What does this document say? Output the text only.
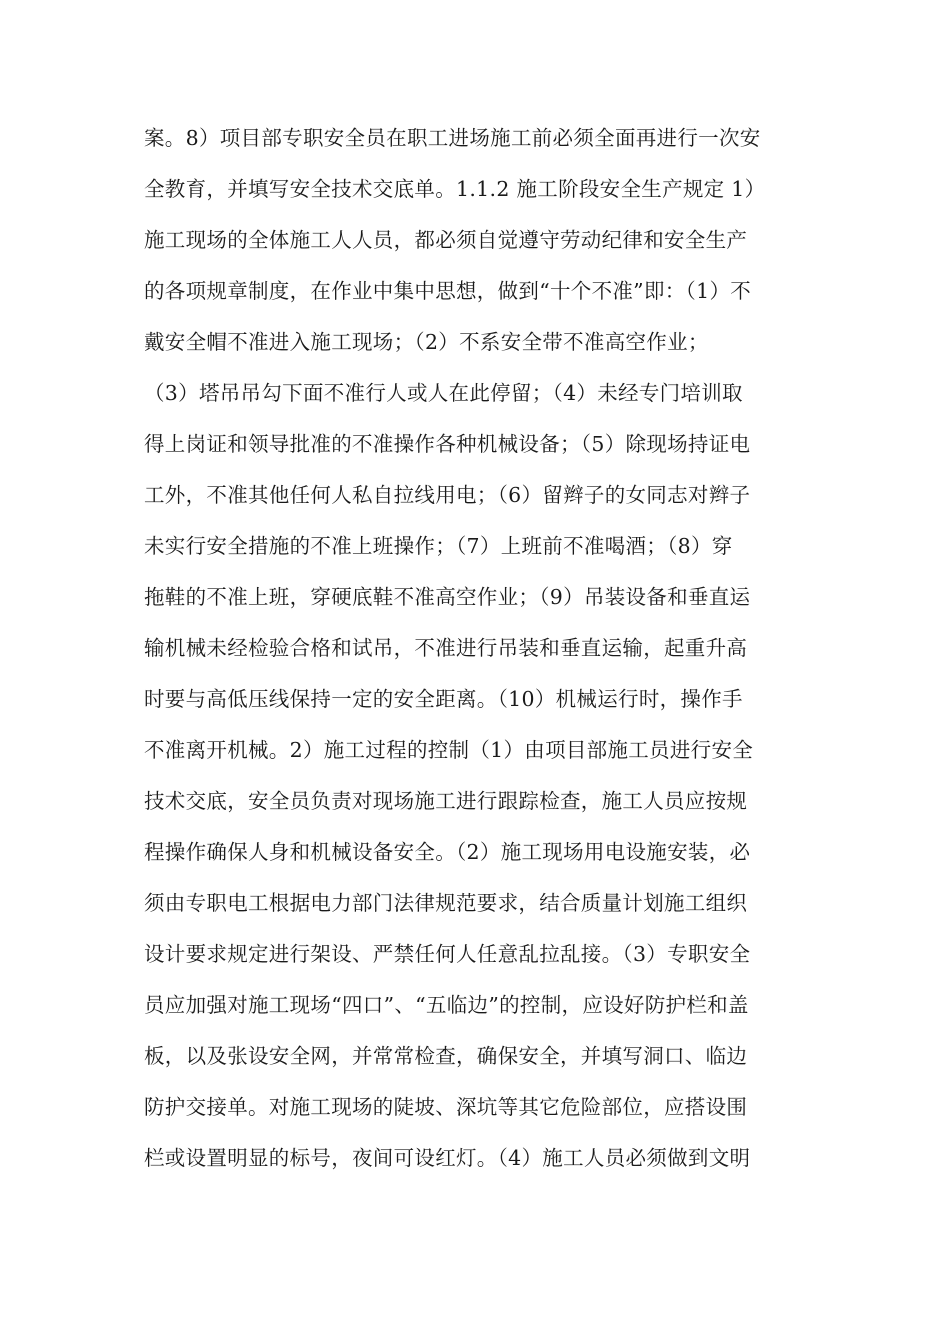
案。8）项目部专职安全员在职工进场施工前必须全面再进行一次安
全教育，并填写安全技术交底单。1.1.2 施工阶段安全生产规定 1）
施工现场的全体施工人人员，都必须自觉遵守劳动纪律和安全生产
的各项规章制度，在作业中集中思想，做到“十个不准”即：（1）不
戴安全帽不准进入施工现场；（2）不系安全带不准高空作业；
（3）塔吊吊勾下面不准行人或人在此停留；（4）未经专门培训取
得上岗证和领导批准的不准操作各种机械设备；（5）除现场持证电
工外，不准其他任何人私自拉线用电；（6）留辫子的女同志对辫子
未实行安全措施的不准上班操作；（7）上班前不准喝酒；（8）穿
拖鞋的不准上班，穿硬底鞋不准高空作业；（9）吊装设备和垂直运
输机械未经检验合格和试吊，不准进行吊装和垂直运输，起重升高
时要与高低压线保持一定的安全距离。（10）机械运行时，操作手
不准离开机械。2）施工过程的控制（1）由项目部施工员进行安全
技术交底，安全员负责对现场施工进行跟踪检查，施工人员应按规
程操作确保人身和机械设备安全。（2）施工现场用电设施安装，必
须由专职电工根据电力部门法律规范要求，结合质量计划施工组织
设计要求规定进行架设、严禁任何人任意乱拉乱接。（3）专职安全
员应加强对施工现场“四口”、“五临边”的控制，应设好防护栏和盖
板，以及张设安全网，并常常检查，确保安全，并填写洞口、临边
防护交接单。对施工现场的陡坡、深坑等其它危险部位，应搭设围
栏或设置明显的标号，夜间可设红灯。（4）施工人员必须做到文明
